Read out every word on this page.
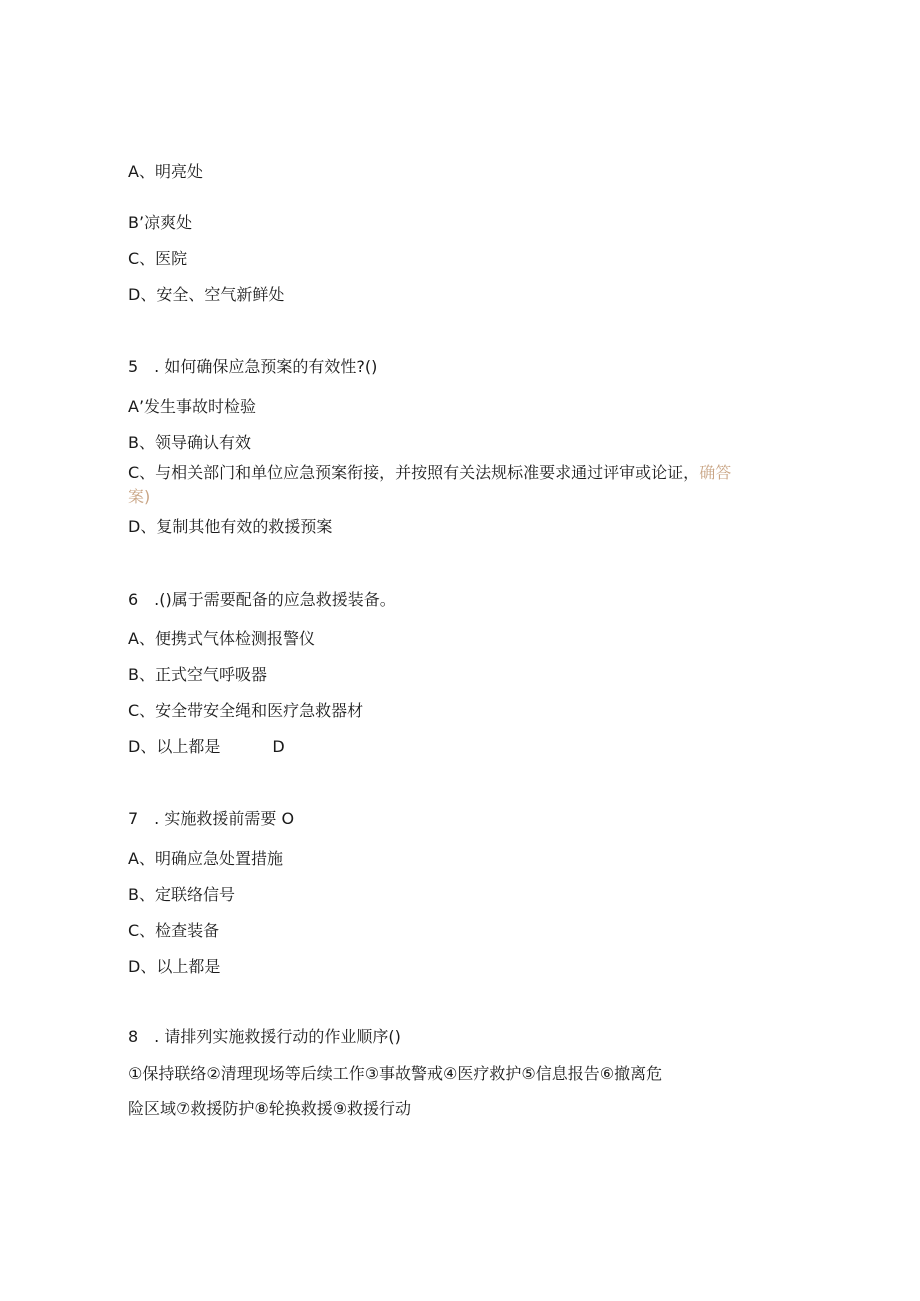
A、明亮处
B’凉爽处
C、医院
D、安全、空气新鲜处
5　. 如何确保应急预案的有效性?()
A’发生事故时检验
B、领导确认有效
C、与相关部门和单位应急预案衔接，并按照有关法规标准要求通过评审或论证，确答
案)
D、复制其他有效的救援预案
6　.()属于需要配备的应急救援装备。
A、便携式气体检测报警仪
B、正式空气呼吸器
C、安全带安全绳和医疗急救器材
D、以上都是	D
7　. 实施救援前需要 O
A、明确应急处置措施
B、定联络信号
C、检查装备
D、以上都是
8　. 请排列实施救援行动的作业顺序()
①保持联络②清理现场等后续工作③事故警戒④医疗救护⑤信息报告⑥撤离危
险区域⑦救援防护⑧轮换救援⑨救援行动
